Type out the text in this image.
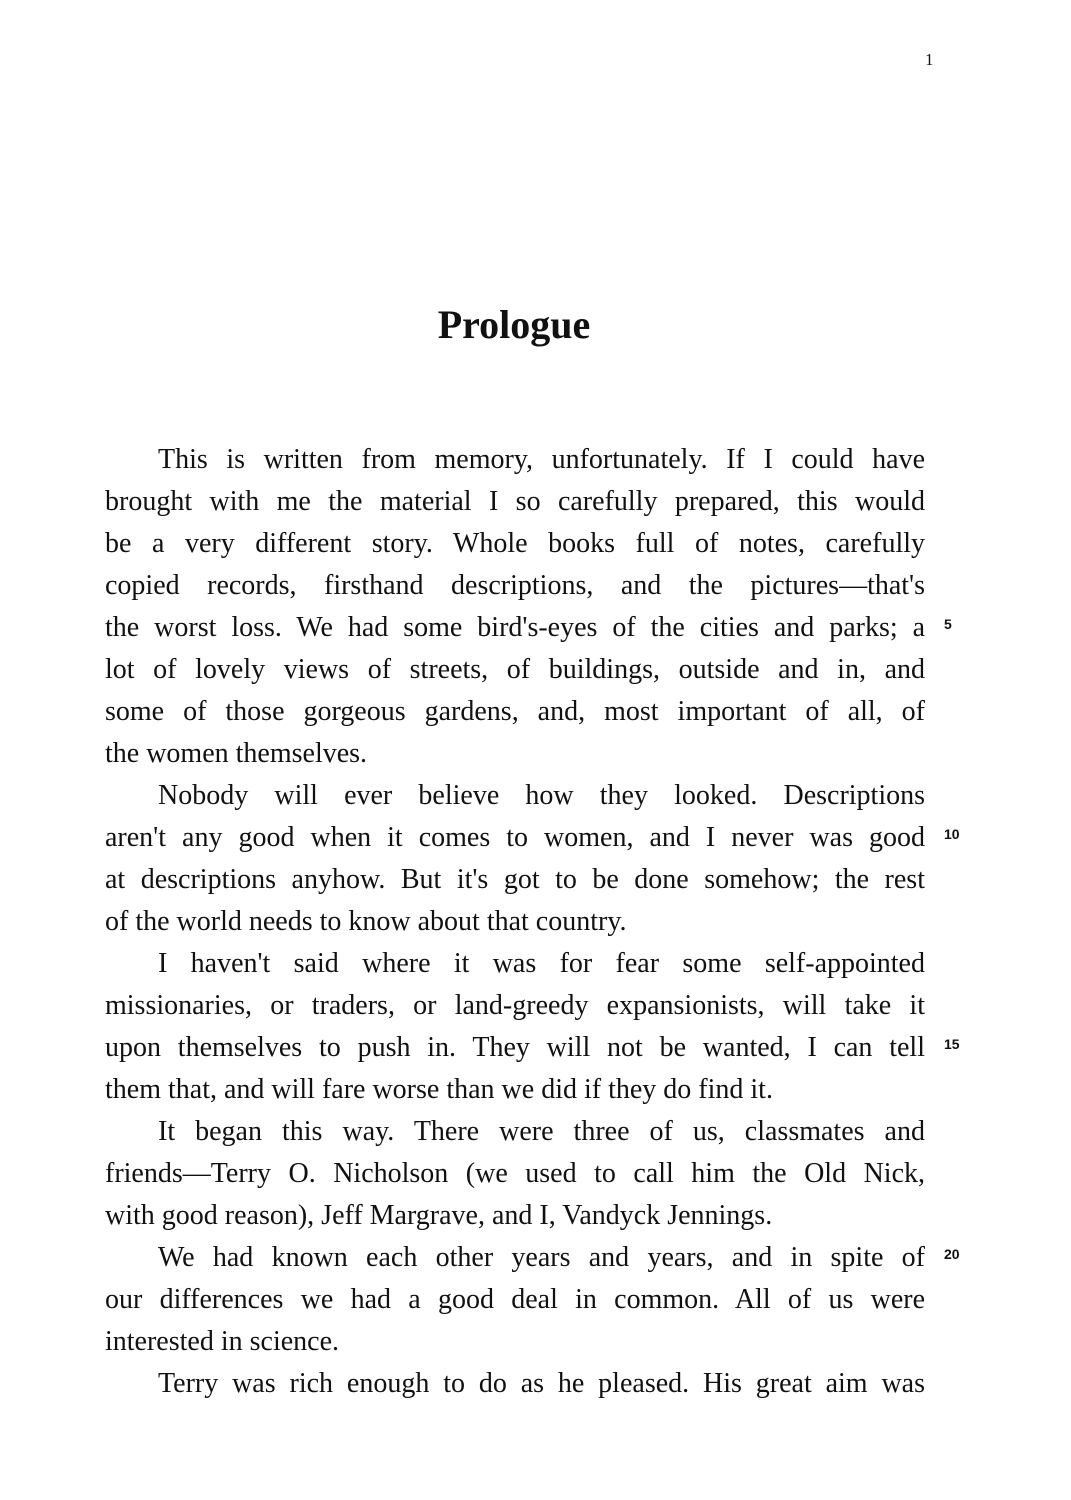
1
Prologue

This is written from memory, unfortunately. If I could have

brought with me the material I so carefully prepared, this would

be a very different story. Whole books full of notes, carefully

copied records, firsthand descriptions, and the pictures—that's

the worst loss. We had some bird's-eyes of the cities and parks; a

lot of lovely views of streets, of buildings, outside and in, and

some of those gorgeous gardens, and, most important of all, of

the women themselves.

Nobody will ever believe how they looked. Descriptions

aren't any good when it comes to women, and I never was good

at descriptions anyhow. But it's got to be done somehow; the rest

of the world needs to know about that country.

I haven't said where it was for fear some self-appointed

missionaries, or traders, or land-greedy expansionists, will take it

upon themselves to push in. They will not be wanted, I can tell

them that, and will fare worse than we did if they do find it.

It began this way. There were three of us, classmates and

friends—Terry O. Nicholson (we used to call him the Old Nick,

with good reason), Jeff Margrave, and I, Vandyck Jennings.

We had known each other years and years, and in spite of

our differences we had a good deal in common. All of us were

interested in science.

Terry was rich enough to do as he pleased. His great aim was

5
10
15
20
